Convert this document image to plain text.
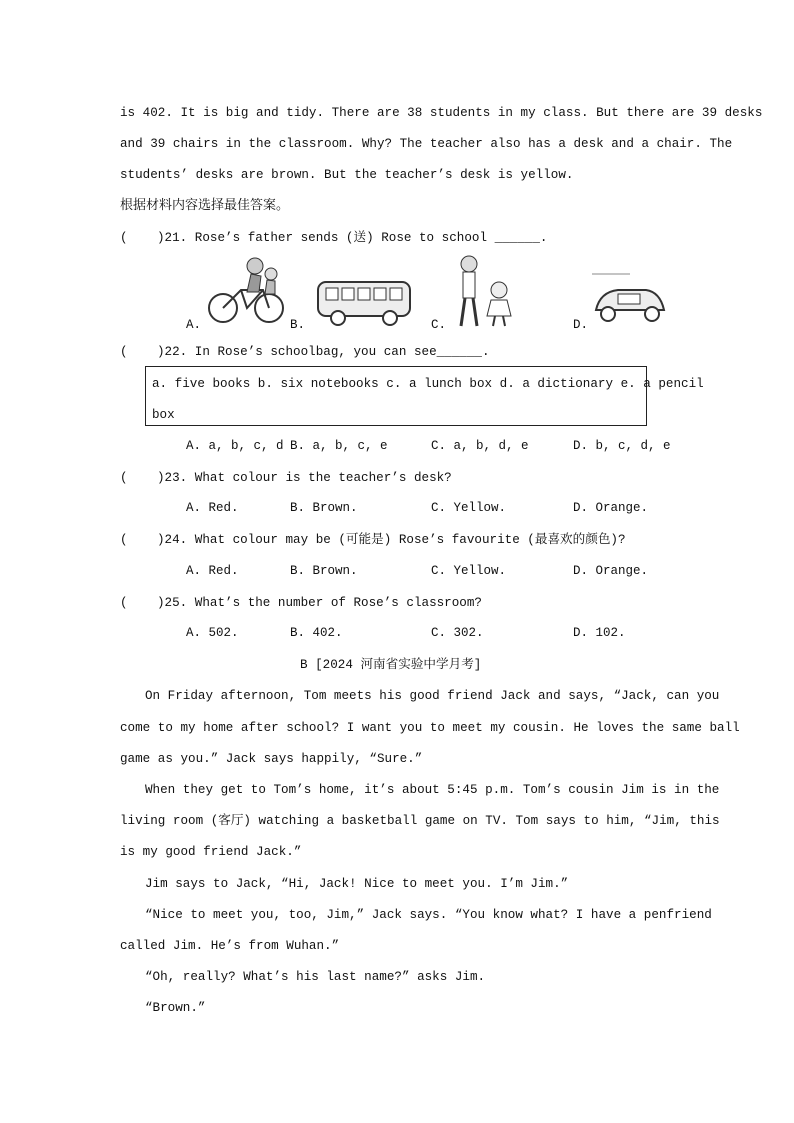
is 402. It is big and tidy. There are 38 students in my class. But there are 39 desks
and 39 chairs in the classroom. Why? The teacher also has a desk and a chair. The
students’ desks are brown. But the teacher’s desk is yellow.
根据材料内容选择最佳答案。
( )21. Rose’s father sends (送) Rose to school ______.
A.	B.	C.	D.
( )22. In Rose’s schoolbag, you can see______.
a. five books b. six notebooks c. a lunch box d. a dictionary e. a pencil
box
A. a, b, c, d B. a, b, c, e	C. a, b, d, e	D. b, c, d, e
( )23. What colour is the teacher’s desk?
A. Red.	B. Brown.	C. Yellow.	D. Orange.
( )24. What colour may be (可能是) Rose’s favourite (最喜欢的颜色)?
A. Red.	B. Brown.	C. Yellow.	D. Orange.
( )25. What’s the number of Rose’s classroom?
A. 502.	B. 402.	C. 302.	D. 102.
B [2024 河南省实验中学月考]
On Friday afternoon, Tom meets his good friend Jack and says, “Jack, can you
come to my home after school? I want you to meet my cousin. He loves the same ball
game as you.” Jack says happily, “Sure.”
When they get to Tom’s home, it’s about 5:45 p.m. Tom’s cousin Jim is in the
living room (客厅) watching a basketball game on TV. Tom says to him, “Jim, this
is my good friend Jack.”
Jim says to Jack, “Hi, Jack! Nice to meet you. I’m Jim.”
“Nice to meet you, too, Jim,” Jack says. “You know what? I have a penfriend
called Jim. He’s from Wuhan.”
“Oh, really? What’s his last name?” asks Jim.
“Brown.”
